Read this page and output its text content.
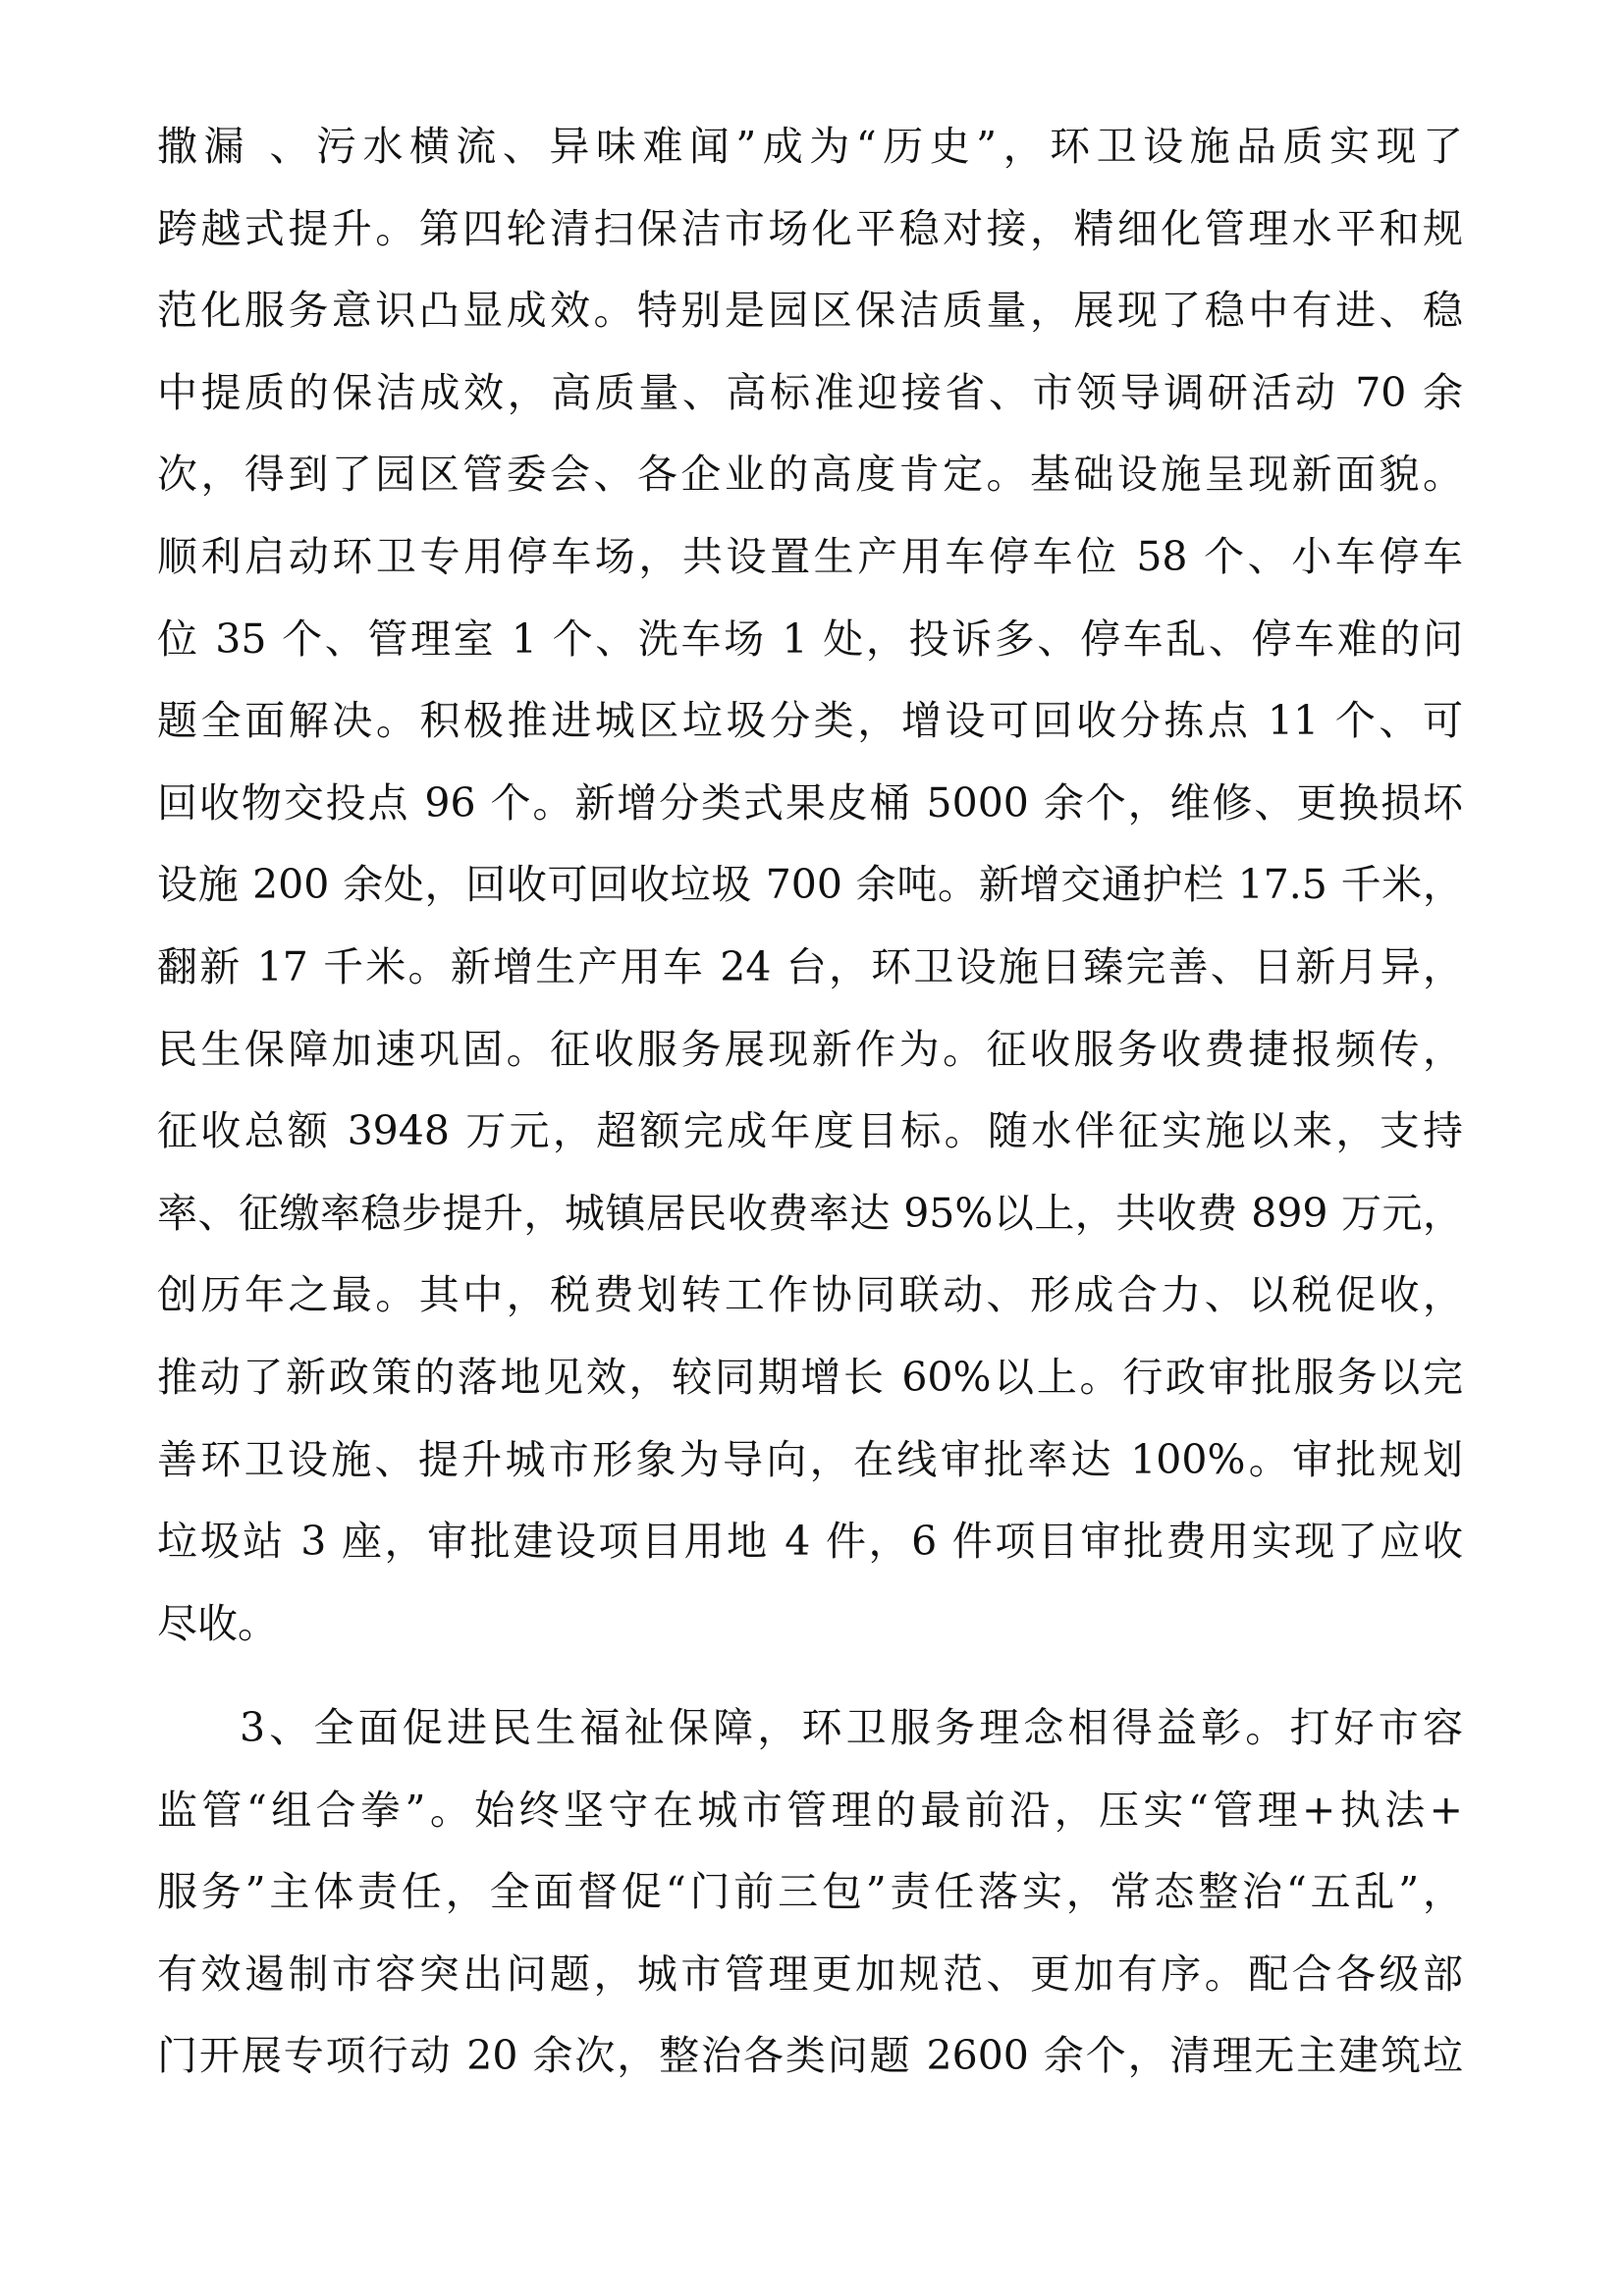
撒漏 、污水横流、异味难闻”成为“历史”，环卫设施品质实现了
跨越式提升。第四轮清扫保洁市场化平稳对接，精细化管理水平和规
范化服务意识凸显成效。特别是园区保洁质量，展现了稳中有进、稳
中提质的保洁成效，高质量、高标准迎接省、市领导调研活动 70 余
次，得到了园区管委会、各企业的高度肯定。基础设施呈现新面貌。
顺利启动环卫专用停车场，共设置生产用车停车位 58 个、小车停车
位 35 个、管理室 1 个、洗车场 1 处，投诉多、停车乱、停车难的问
题全面解决。积极推进城区垃圾分类，增设可回收分拣点 11 个、可
回收物交投点 96 个。新增分类式果皮桶 5000 余个，维修、更换损坏
设施 200 余处，回收可回收垃圾 700 余吨。新增交通护栏 17.5 千米，
翻新 17 千米。新增生产用车 24 台，环卫设施日臻完善、日新月异，
民生保障加速巩固。征收服务展现新作为。征收服务收费捷报频传，
征收总额 3948 万元，超额完成年度目标。随水伴征实施以来，支持
率、征缴率稳步提升，城镇居民收费率达 95%以上，共收费 899 万元，
创历年之最。其中，税费划转工作协同联动、形成合力、以税促收，
推动了新政策的落地见效，较同期增长 60%以上。行政审批服务以完
善环卫设施、提升城市形象为导向，在线审批率达 100%。审批规划
垃圾站 3 座，审批建设项目用地 4 件，6 件项目审批费用实现了应收
尽收。
3、全面促进民生福祉保障，环卫服务理念相得益彰。打好市容
监管“组合拳”。始终坚守在城市管理的最前沿，压实“管理+执法+
服务”主体责任，全面督促“门前三包”责任落实，常态整治“五乱”，
有效遏制市容突出问题，城市管理更加规范、更加有序。配合各级部
门开展专项行动 20 余次，整治各类问题 2600 余个，清理无主建筑垃
